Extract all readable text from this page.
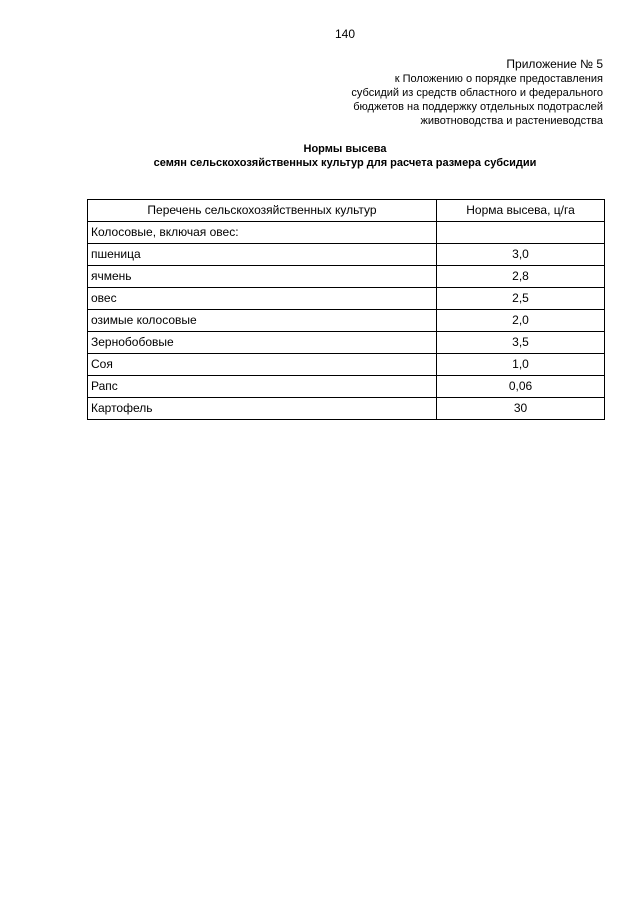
140
Приложение № 5
к Положению о порядке предоставления
субсидий из средств областного и федерального
бюджетов на поддержку отдельных подотраслей
животноводства и растениеводства
Нормы высева
семян сельскохозяйственных культур для расчета размера субсидии
Перечень сельскохозяйственных культур	Норма высева, ц/га
Колосовые, включая овес:	
пшеница	3,0
ячмень	2,8
овес	2,5
озимые колосовые	2,0
Зернобобовые	3,5
Соя	1,0
Рапс	0,06
Картофель	30
